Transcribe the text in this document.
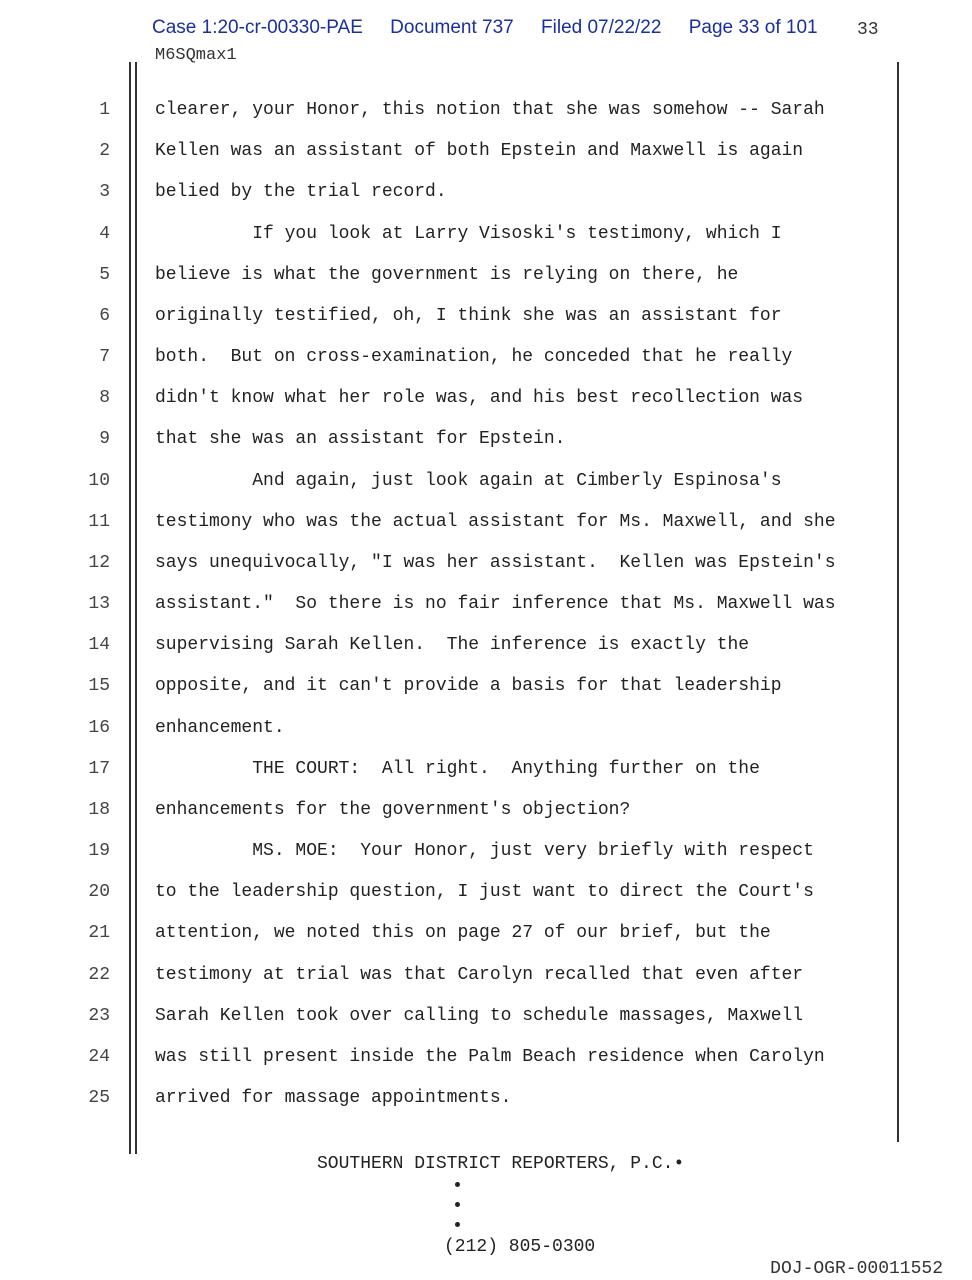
Case 1:20-cr-00330-PAE Document 737 Filed 07/22/22 Page 33 of 101	33
M6SQmax1
1	clearer, your Honor, this notion that she was somehow -- Sarah
2	Kellen was an assistant of both Epstein and Maxwell is again
3	belied by the trial record.
4	If you look at Larry Visoski's testimony, which I
5	believe is what the government is relying on there, he
6	originally testified, oh, I think she was an assistant for
7	both.  But on cross-examination, he conceded that he really
8	didn't know what her role was, and his best recollection was
9	that she was an assistant for Epstein.
10	And again, just look again at Cimberly Espinosa's
11	testimony who was the actual assistant for Ms. Maxwell, and she
12	says unequivocally, "I was her assistant.  Kellen was Epstein's
13	assistant."  So there is no fair inference that Ms. Maxwell was
14	supervising Sarah Kellen.  The inference is exactly the
15	opposite, and it can't provide a basis for that leadership
16	enhancement.
17	THE COURT:  All right.  Anything further on the
18	enhancements for the government's objection?
19	MS. MOE:  Your Honor, just very briefly with respect
20	to the leadership question, I just want to direct the Court's
21	attention, we noted this on page 27 of our brief, but the
22	testimony at trial was that Carolyn recalled that even after
23	Sarah Kellen took over calling to schedule massages, Maxwell
24	was still present inside the Palm Beach residence when Carolyn
25	arrived for massage appointments.
SOUTHERN DISTRICT REPORTERS, P.C.•
(212) 805-0300
DOJ-OGR-00011552
